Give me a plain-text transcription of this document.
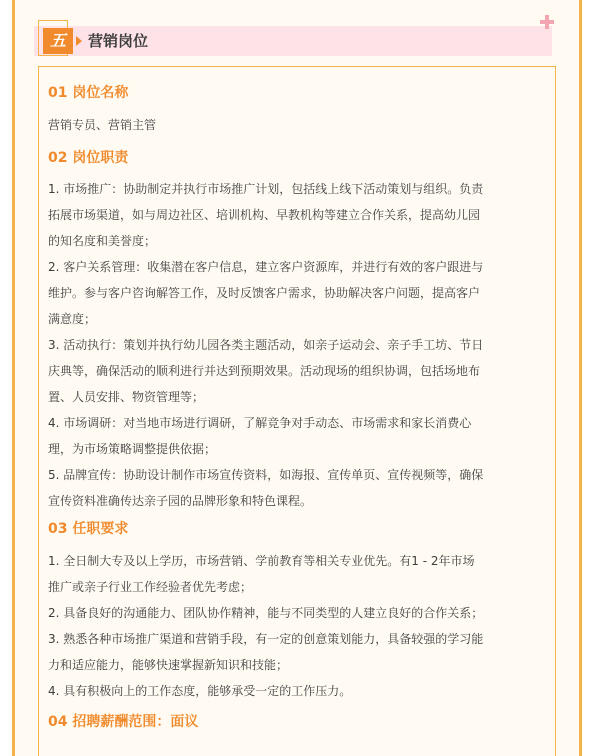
五	营销岗位
01 岗位名称
营销专员、营销主管
02 岗位职责
1. 市场推广：协助制定并执行市场推广计划，包括线上线下活动策划与组织。负责
拓展市场渠道，如与周边社区、培训机构、早教机构等建立合作关系，提高幼儿园
的知名度和美誉度；
2. 客户关系管理：收集潜在客户信息，建立客户资源库，并进行有效的客户跟进与
维护。参与客户咨询解答工作，及时反馈客户需求，协助解决客户问题，提高客户
满意度；
3. 活动执行：策划并执行幼儿园各类主题活动，如亲子运动会、亲子手工坊、节日
庆典等，确保活动的顺利进行并达到预期效果。活动现场的组织协调，包括场地布
置、人员安排、物资管理等；
4. 市场调研：对当地市场进行调研，了解竞争对手动态、市场需求和家长消费心
理，为市场策略调整提供依据；
5. 品牌宣传：协助设计制作市场宣传资料，如海报、宣传单页、宣传视频等，确保
宣传资料准确传达亲子园的品牌形象和特色课程。
03 任职要求
1. 全日制大专及以上学历，市场营销、学前教育等相关专业优先。有1 - 2年市场
推广或亲子行业工作经验者优先考虑；
2. 具备良好的沟通能力、团队协作精神，能与不同类型的人建立良好的合作关系；
3. 熟悉各种市场推广渠道和营销手段，有一定的创意策划能力，具备较强的学习能
力和适应能力，能够快速掌握新知识和技能；
4. 具有积极向上的工作态度，能够承受一定的工作压力。
04 招聘薪酬范围：面议
